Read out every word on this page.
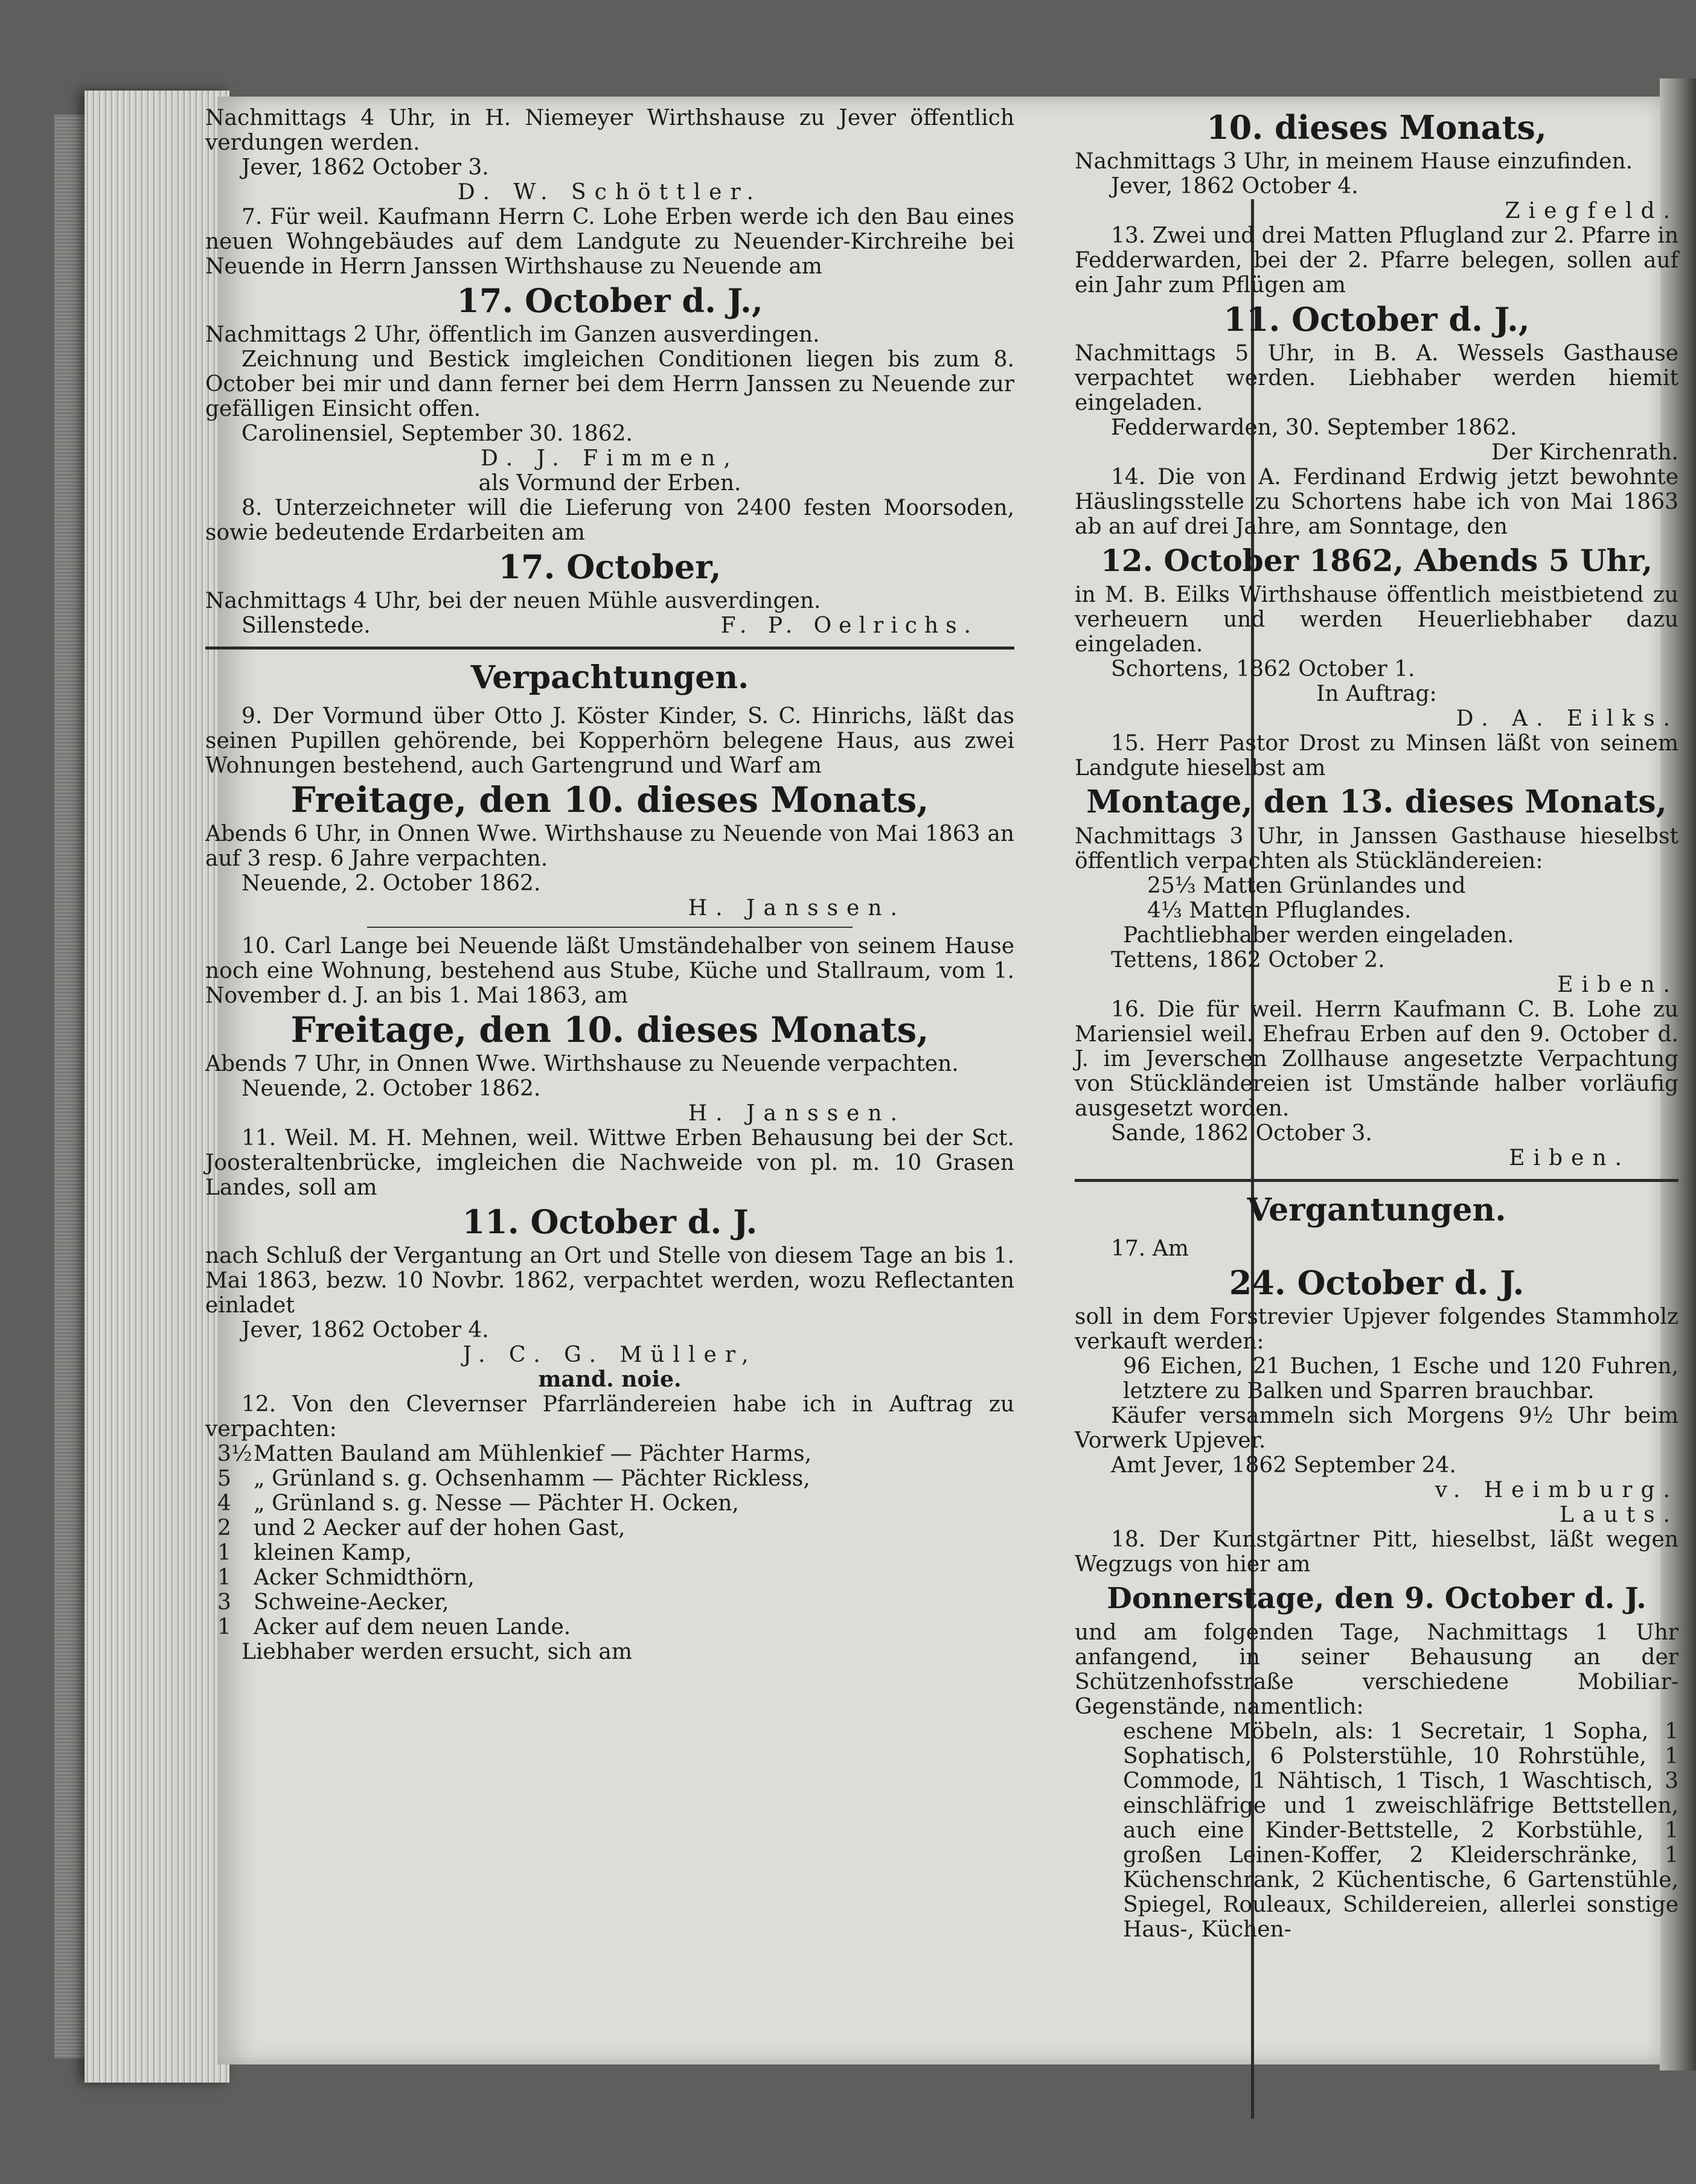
Nachmittags 4 Uhr, in H. Niemeyer Wirthshause zu Jever öffentlich verdungen werden.

Jever, 1862 October 3.

D. W. Schöttler.

7. Für weil. Kaufmann Herrn C. Lohe Erben werde ich den Bau eines neuen Wohngebäudes auf dem Landgute zu Neuender-Kirchreihe bei Neuende in Herrn Janssen Wirthshause zu Neuende am

17. October d. J.,

Nachmittags 2 Uhr, öffentlich im Ganzen ausverdingen.

Zeichnung und Bestick imgleichen Conditionen liegen bis zum 8. October bei mir und dann ferner bei dem Herrn Janssen zu Neuende zur gefälligen Einsicht offen.

Carolinensiel, September 30. 1862.

D. J. Fimmen,

als Vormund der Erben.

8. Unterzeichneter will die Lieferung von 2400 festen Moorsoden, sowie bedeutende Erdarbeiten am

17. October,

Nachmittags 4 Uhr, bei der neuen Mühle ausverdingen.

Sillenstede.	F. P. Oelrichs.

Verpachtungen.

9. Der Vormund über Otto J. Köster Kinder, S. C. Hinrichs, läßt das seinen Pupillen gehörende, bei Kopperhörn belegene Haus, aus zwei Wohnungen bestehend, auch Gartengrund und Warf am

Freitage, den 10. dieses Monats,

Abends 6 Uhr, in Onnen Wwe. Wirthshause zu Neuende von Mai 1863 an auf 3 resp. 6 Jahre verpachten.

Neuende, 2. October 1862.

H. Janssen.

10. Carl Lange bei Neuende läßt Umständehalber von seinem Hause noch eine Wohnung, bestehend aus Stube, Küche und Stallraum, vom 1. November d. J. an bis 1. Mai 1863, am

Freitage, den 10. dieses Monats,

Abends 7 Uhr, in Onnen Wwe. Wirthshause zu Neuende verpachten.

Neuende, 2. October 1862.

H. Janssen.

11. Weil. M. H. Mehnen, weil. Wittwe Erben Behausung bei der Sct. Joosteraltenbrücke, imgleichen die Nachweide von pl. m. 10 Grasen Landes, soll am

11. October d. J.

nach Schluß der Vergantung an Ort und Stelle von diesem Tage an bis 1. Mai 1863, bezw. 10 Novbr. 1862, verpachtet werden, wozu Reflectanten einladet

Jever, 1862 October 4.

J. C. G. Müller,

mand. noie.

12. Von den Clevernser Pfarrländereien habe ich in Auftrag zu verpachten:

3½ Matten Bauland am Mühlenkief — Pächter Harms,
5	„ Grünland s. g. Ochsenhamm — Pächter Rickless,
4	„ Grünland s. g. Nesse — Pächter H. Ocken,
2	und 2 Aecker auf der hohen Gast,
1	kleinen Kamp,
1	Acker Schmidthörn,
3	Schweine-Aecker,
1	Acker auf dem neuen Lande.

Liebhaber werden ersucht, sich am

10. dieses Monats,

Nachmittags 3 Uhr, in meinem Hause einzufinden.

Jever, 1862 October 4.

Ziegfeld.

13. Zwei und drei Matten Pflugland zur 2. Pfarre in Fedderwarden, bei der 2. Pfarre belegen, sollen auf ein Jahr zum Pflügen am

11. October d. J.,

Nachmittags 5 Uhr, in B. A. Wessels Gasthause verpachtet werden. Liebhaber werden hiemit eingeladen.

Fedderwarden, 30. September 1862.

Der Kirchenrath.

14. Die von A. Ferdinand Erdwig jetzt bewohnte Häuslingsstelle zu Schortens habe ich von Mai 1863 ab an auf drei Jahre, am Sonntage, den

12. October 1862, Abends 5 Uhr,

in M. B. Eilks Wirthshause öffentlich meistbietend zu verheuern und werden Heuerliebhaber dazu eingeladen.

Schortens, 1862 October 1.

In Auftrag:

D. A. Eilks.

15. Herr Pastor Drost zu Minsen läßt von seinem Landgute hieselbst am

Montage, den 13. dieses Monats,

Nachmittags 3 Uhr, in Janssen Gasthause hieselbst öffentlich verpachten als Stückländereien:

25⅓ Matten Grünlandes und

4⅓ Matten Pfluglandes.

Pachtliebhaber werden eingeladen.

Tettens, 1862 October 2.

Eiben.

16. Die für weil. Herrn Kaufmann C. B. Lohe zu Mariensiel weil. Ehefrau Erben auf den 9. October d. J. im Jeverschen Zollhause angesetzte Verpachtung von Stückländereien ist Umstände halber vorläufig ausgesetzt worden.

Sande, 1862 October 3.

Eiben.

Vergantungen.

17. Am

24. October d. J.

soll in dem Forstrevier Upjever folgendes Stammholz verkauft werden:

96 Eichen, 21 Buchen, 1 Esche und 120 Fuhren, letztere zu Balken und Sparren brauchbar.

Käufer versammeln sich Morgens 9½ Uhr beim Vorwerk Upjever.

Amt Jever, 1862 September 24.

v. Heimburg.

Lauts.

18. Der Kunstgärtner Pitt, hieselbst, läßt wegen Wegzugs von hier am

Donnerstage, den 9. October d. J.

und am folgenden Tage, Nachmittags 1 Uhr anfangend, in seiner Behausung an der Schützenhofsstraße verschiedene Mobiliar-Gegenstände, namentlich:

eschene Möbeln, als: 1 Secretair, 1 Sopha, 1 Sophatisch, 6 Polsterstühle, 10 Rohrstühle, 1 Commode, 1 Nähtisch, 1 Tisch, 1 Waschtisch, 3 einschläfrige und 1 zweischläfrige Bettstellen, auch eine Kinder-Bettstelle, 2 Korbstühle, 1 großen Leinen-Koffer, 2 Kleiderschränke, 1 Küchenschrank, 2 Küchentische, 6 Gartenstühle, Spiegel, Rouleaux, Schildereien, allerlei sonstige Haus-, Küchen-
